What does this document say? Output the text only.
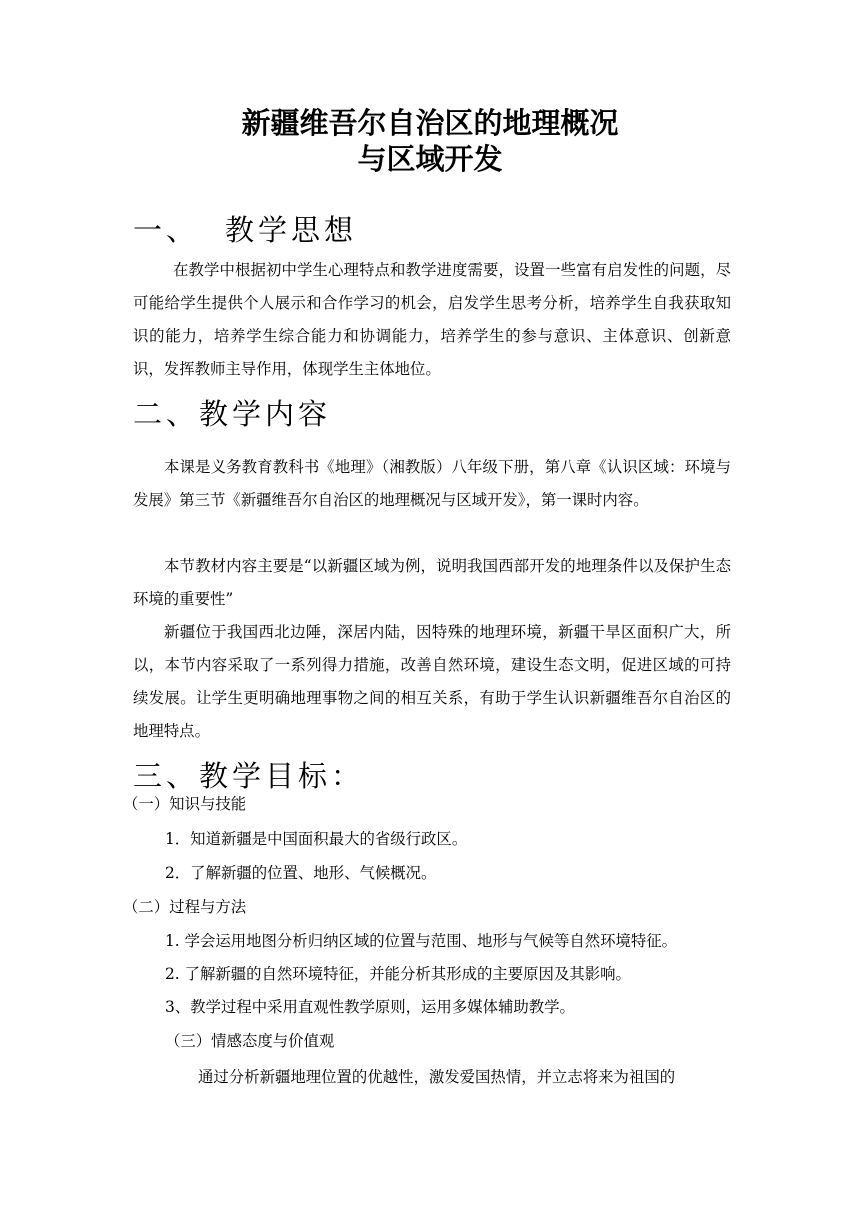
新疆维吾尔自治区的地理概况
与区域开发
一、 教学思想
在教学中根据初中学生心理特点和教学进度需要，设置一些富有启发性的问题，尽可能给学生提供个人展示和合作学习的机会，启发学生思考分析，培养学生自我获取知识的能力，培养学生综合能力和协调能力，培养学生的参与意识、主体意识、创新意识，发挥教师主导作用，体现学生主体地位。
二、教学内容
本课是义务教育教科书《地理》（湘教版）八年级下册，第八章《认识区域：环境与发展》第三节《新疆维吾尔自治区的地理概况与区域开发》，第一课时内容。
本节教材内容主要是“以新疆区域为例，说明我国西部开发的地理条件以及保护生态环境的重要性”
新疆位于我国西北边陲，深居内陆，因特殊的地理环境，新疆干旱区面积广大，所以，本节内容采取了一系列得力措施，改善自然环境，建设生态文明，促进区域的可持续发展。让学生更明确地理事物之间的相互关系，有助于学生认识新疆维吾尔自治区的地理特点。
三、教学目标：
（一）知识与技能
1．知道新疆是中国面积最大的省级行政区。
2．了解新疆的位置、地形、气候概况。
（二）过程与方法
1. 学会运用地图分析归纳区域的位置与范围、地形与气候等自然环境特征。
2. 了解新疆的自然环境特征，并能分析其形成的主要原因及其影响。
3、教学过程中采用直观性教学原则，运用多媒体辅助教学。
（三）情感态度与价值观
通过分析新疆地理位置的优越性，激发爱国热情，并立志将来为祖国的
